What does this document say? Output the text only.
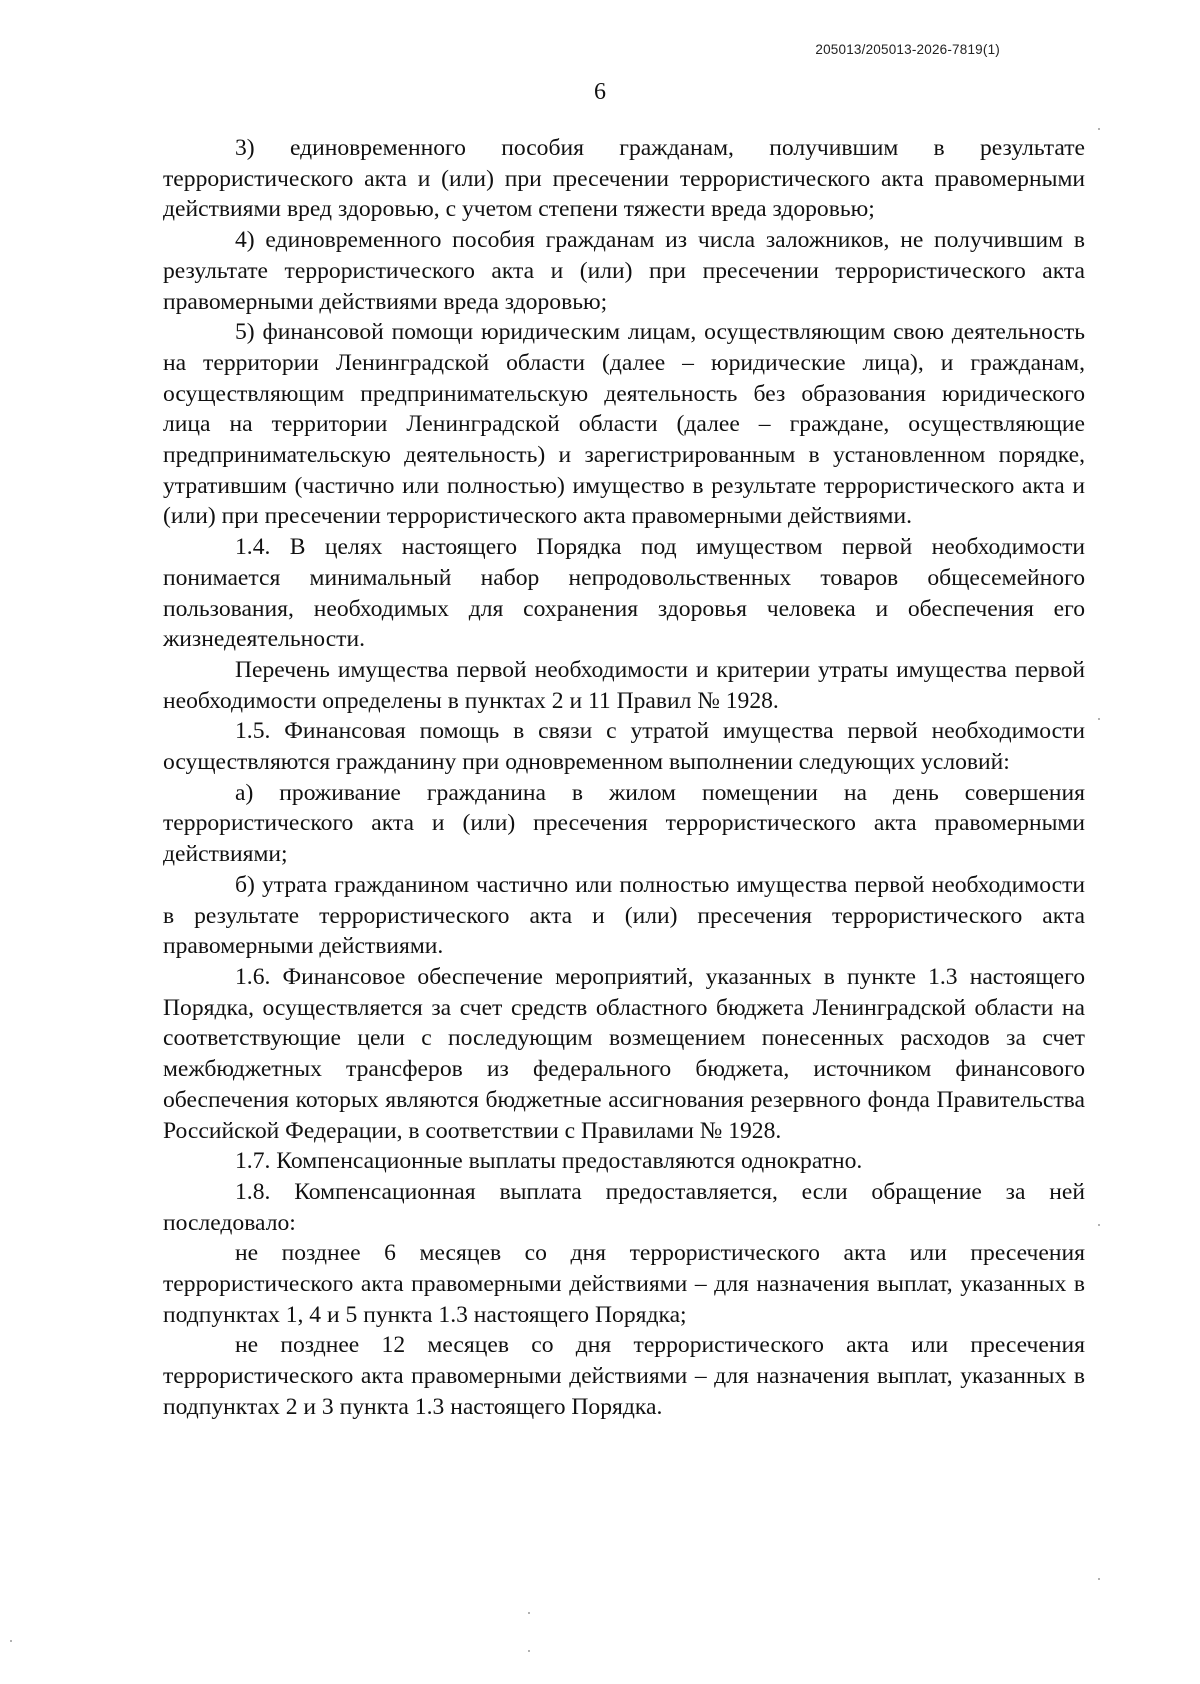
205013/205013-2026-7819(1)
6

3) единовременного пособия гражданам, получившим в результате террористического акта и (или) при пресечении террористического акта правомерными действиями вред здоровью, с учетом степени тяжести вреда здоровью;

4) единовременного пособия гражданам из числа заложников, не получившим в результате террористического акта и (или) при пресечении террористического акта правомерными действиями вреда здоровью;

5) финансовой помощи юридическим лицам, осуществляющим свою деятельность на территории Ленинградской области (далее – юридические лица), и гражданам, осуществляющим предпринимательскую деятельность без образования юридического лица на территории Ленинградской области (далее – граждане, осуществляющие предпринимательскую деятельность) и зарегистрированным в установленном порядке, утратившим (частично или полностью) имущество в результате террористического акта и (или) при пресечении террористического акта правомерными действиями.

1.4. В целях настоящего Порядка под имуществом первой необходимости понимается минимальный набор непродовольственных товаров общесемейного пользования, необходимых для сохранения здоровья человека и обеспечения его жизнедеятельности.

Перечень имущества первой необходимости и критерии утраты имущества первой необходимости определены в пунктах 2 и 11 Правил № 1928.

1.5. Финансовая помощь в связи с утратой имущества первой необходимости осуществляются гражданину при одновременном выполнении следующих условий:

а) проживание гражданина в жилом помещении на день совершения террористического акта и (или) пресечения террористического акта правомерными действиями;

б) утрата гражданином частично или полностью имущества первой необходимости в результате террористического акта и (или) пресечения террористического акта правомерными действиями.

1.6. Финансовое обеспечение мероприятий, указанных в пункте 1.3 настоящего Порядка, осуществляется за счет средств областного бюджета Ленинградской области на соответствующие цели с последующим возмещением понесенных расходов за счет межбюджетных трансферов из федерального бюджета, источником финансового обеспечения которых являются бюджетные ассигнования резервного фонда Правительства Российской Федерации, в соответствии с Правилами № 1928.

1.7. Компенсационные выплаты предоставляются однократно.

1.8. Компенсационная выплата предоставляется, если обращение за ней последовало:

не позднее 6 месяцев со дня террористического акта или пресечения террористического акта правомерными действиями – для назначения выплат, указанных в подпунктах 1, 4 и 5 пункта 1.3 настоящего Порядка;

не позднее 12 месяцев со дня террористического акта или пресечения террористического акта правомерными действиями – для назначения выплат, указанных в подпунктах 2 и 3 пункта 1.3 настоящего Порядка.
